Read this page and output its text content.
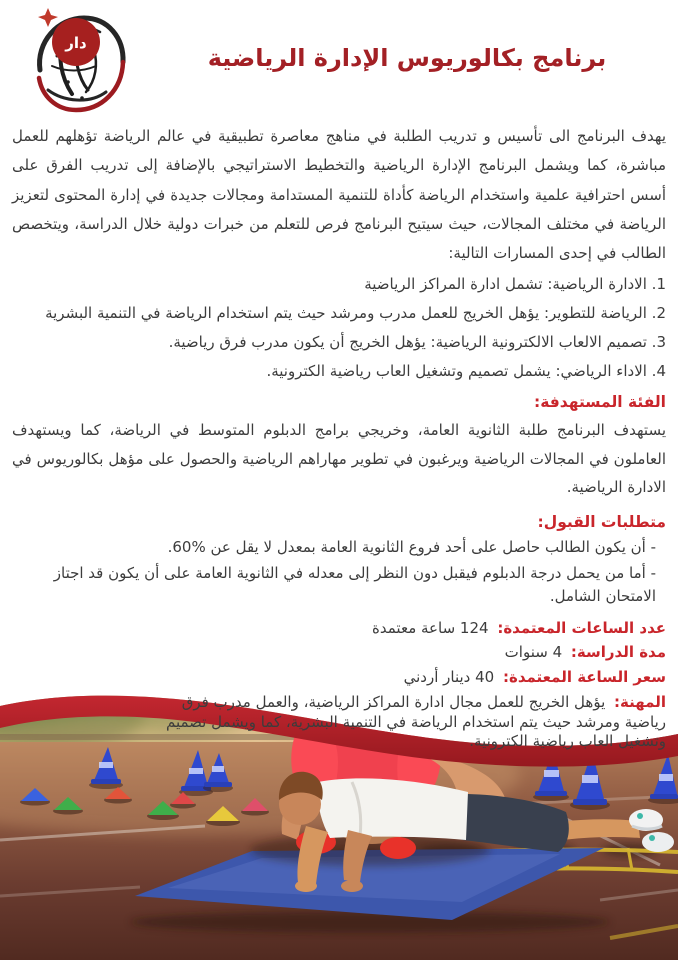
دار
برنامج بكالوريوس الإدارة الرياضية

يهدف البرنامج الى تأسيس و تدريب الطلبة في مناهج معاصرة تطبيقية في عالم الرياضة تؤهلهم للعمل مباشرة، كما ويشمل البرنامج الإدارة الرياضية والتخطيط الاستراتيجي بالإضافة إلى تدريب الفرق على أسس احترافية علمية واستخدام الرياضة كأداة للتنمية المستدامة ومجالات جديدة في إدارة المحتوى لتعزيز الرياضة في مختلف المجالات، حيث سيتيح البرنامج فرص للتعلم من خبرات دولية خلال الدراسة، ويتخصص الطالب في إحدى المسارات التالية:

1. الادارة الرياضية: تشمل ادارة المراكز الرياضية

2. الرياضة للتطوير: يؤهل الخريج للعمل مدرب ومرشد حيث يتم استخدام الرياضة في التنمية البشرية

3. تصميم الالعاب الالكترونية الرياضية: يؤهل الخريج أن يكون مدرب فرق رياضية.

4. الاداء الرياضي: يشمل تصميم وتشغيل العاب رياضية الكترونية.

الفئة المستهدفة:

يستهدف البرنامج طلبة الثانوية العامة، وخريجي برامج الدبلوم المتوسط في الرياضة، كما ويستهدف العاملون في المجالات الرياضية ويرغبون في تطوير مهاراهم الرياضية والحصول على مؤهل بكالوريوس في الادارة الرياضية.

متطلبات القبول:

- أن يكون الطالب حاصل على أحد فروع الثانوية العامة بمعدل لا يقل عن %60.

- أما من يحمل درجة الدبلوم فيقبل دون النظر إلى معدله في الثانوية العامة على أن يكون قد اجتاز الامتحان الشامل.

عدد الساعات المعتمدة: 124 ساعة معتمدة

مدة الدراسة: 4 سنوات

سعر الساعة المعتمدة: 40 دينار أردني

المهنة: يؤهل الخريج للعمل مجال ادارة المراكز الرياضية، والعمل مدرب فرق رياضية ومرشد حيث يتم استخدام الرياضة في التنمية البشرية، كما ويشمل تصميم وتشغيل العاب رياضية الكترونية.
